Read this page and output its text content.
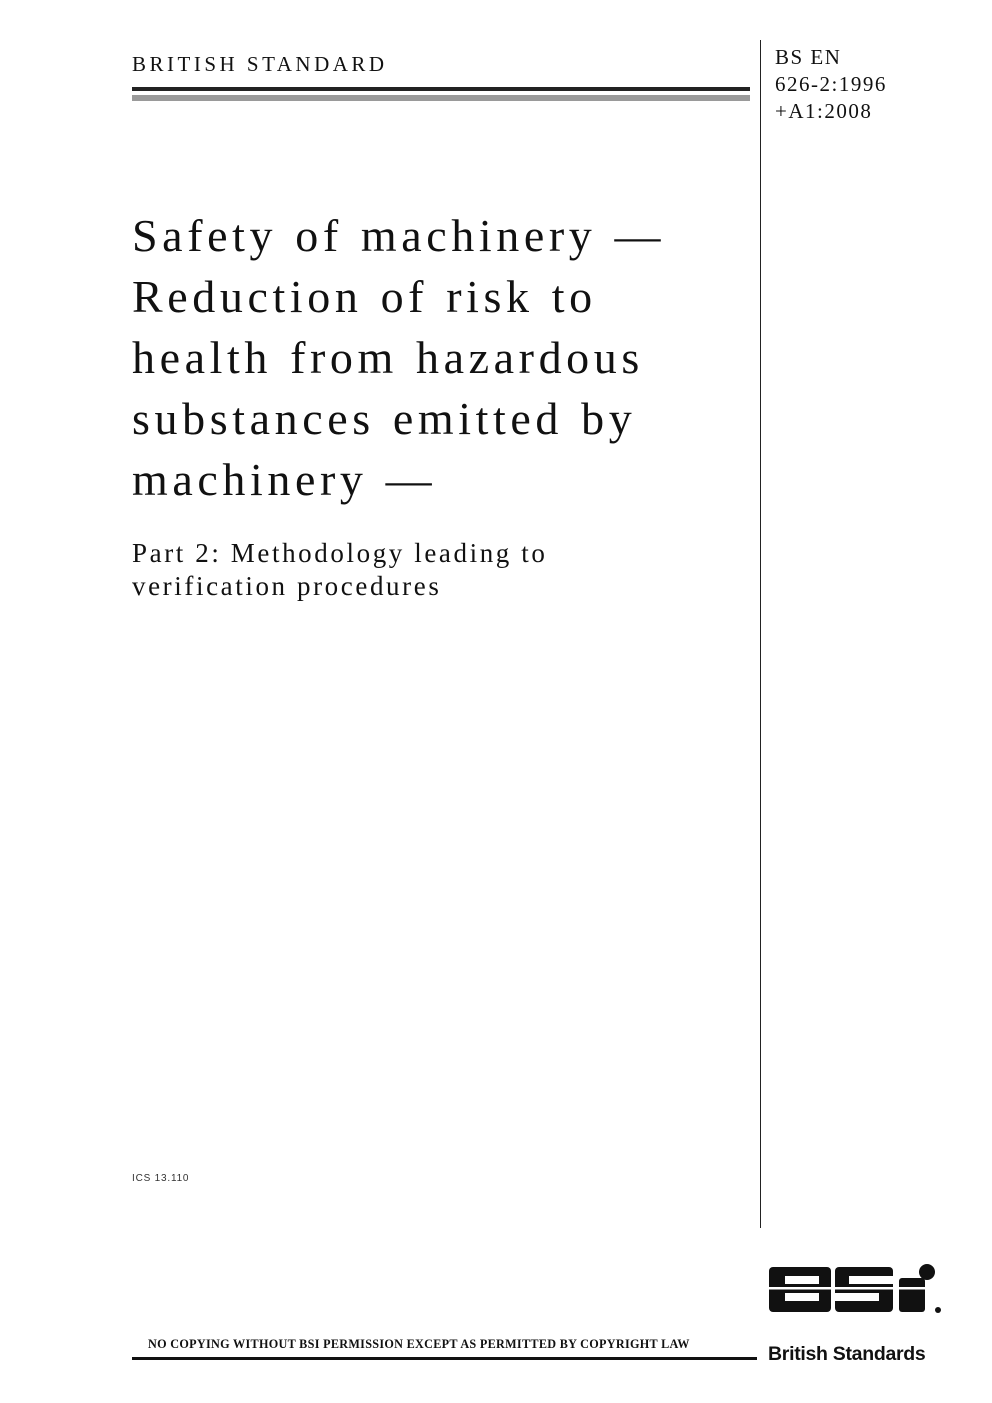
BRITISH STANDARD	BS EN
626-2:1996
+A1:2008
Safety of machinery —
Reduction of risk to
health from hazardous
substances emitted by
machinery —
Part 2: Methodology leading to
verification procedures
ICS 13.110
NO COPYING WITHOUT BSI PERMISSION EXCEPT AS PERMITTED BY COPYRIGHT LAW	British Standards
